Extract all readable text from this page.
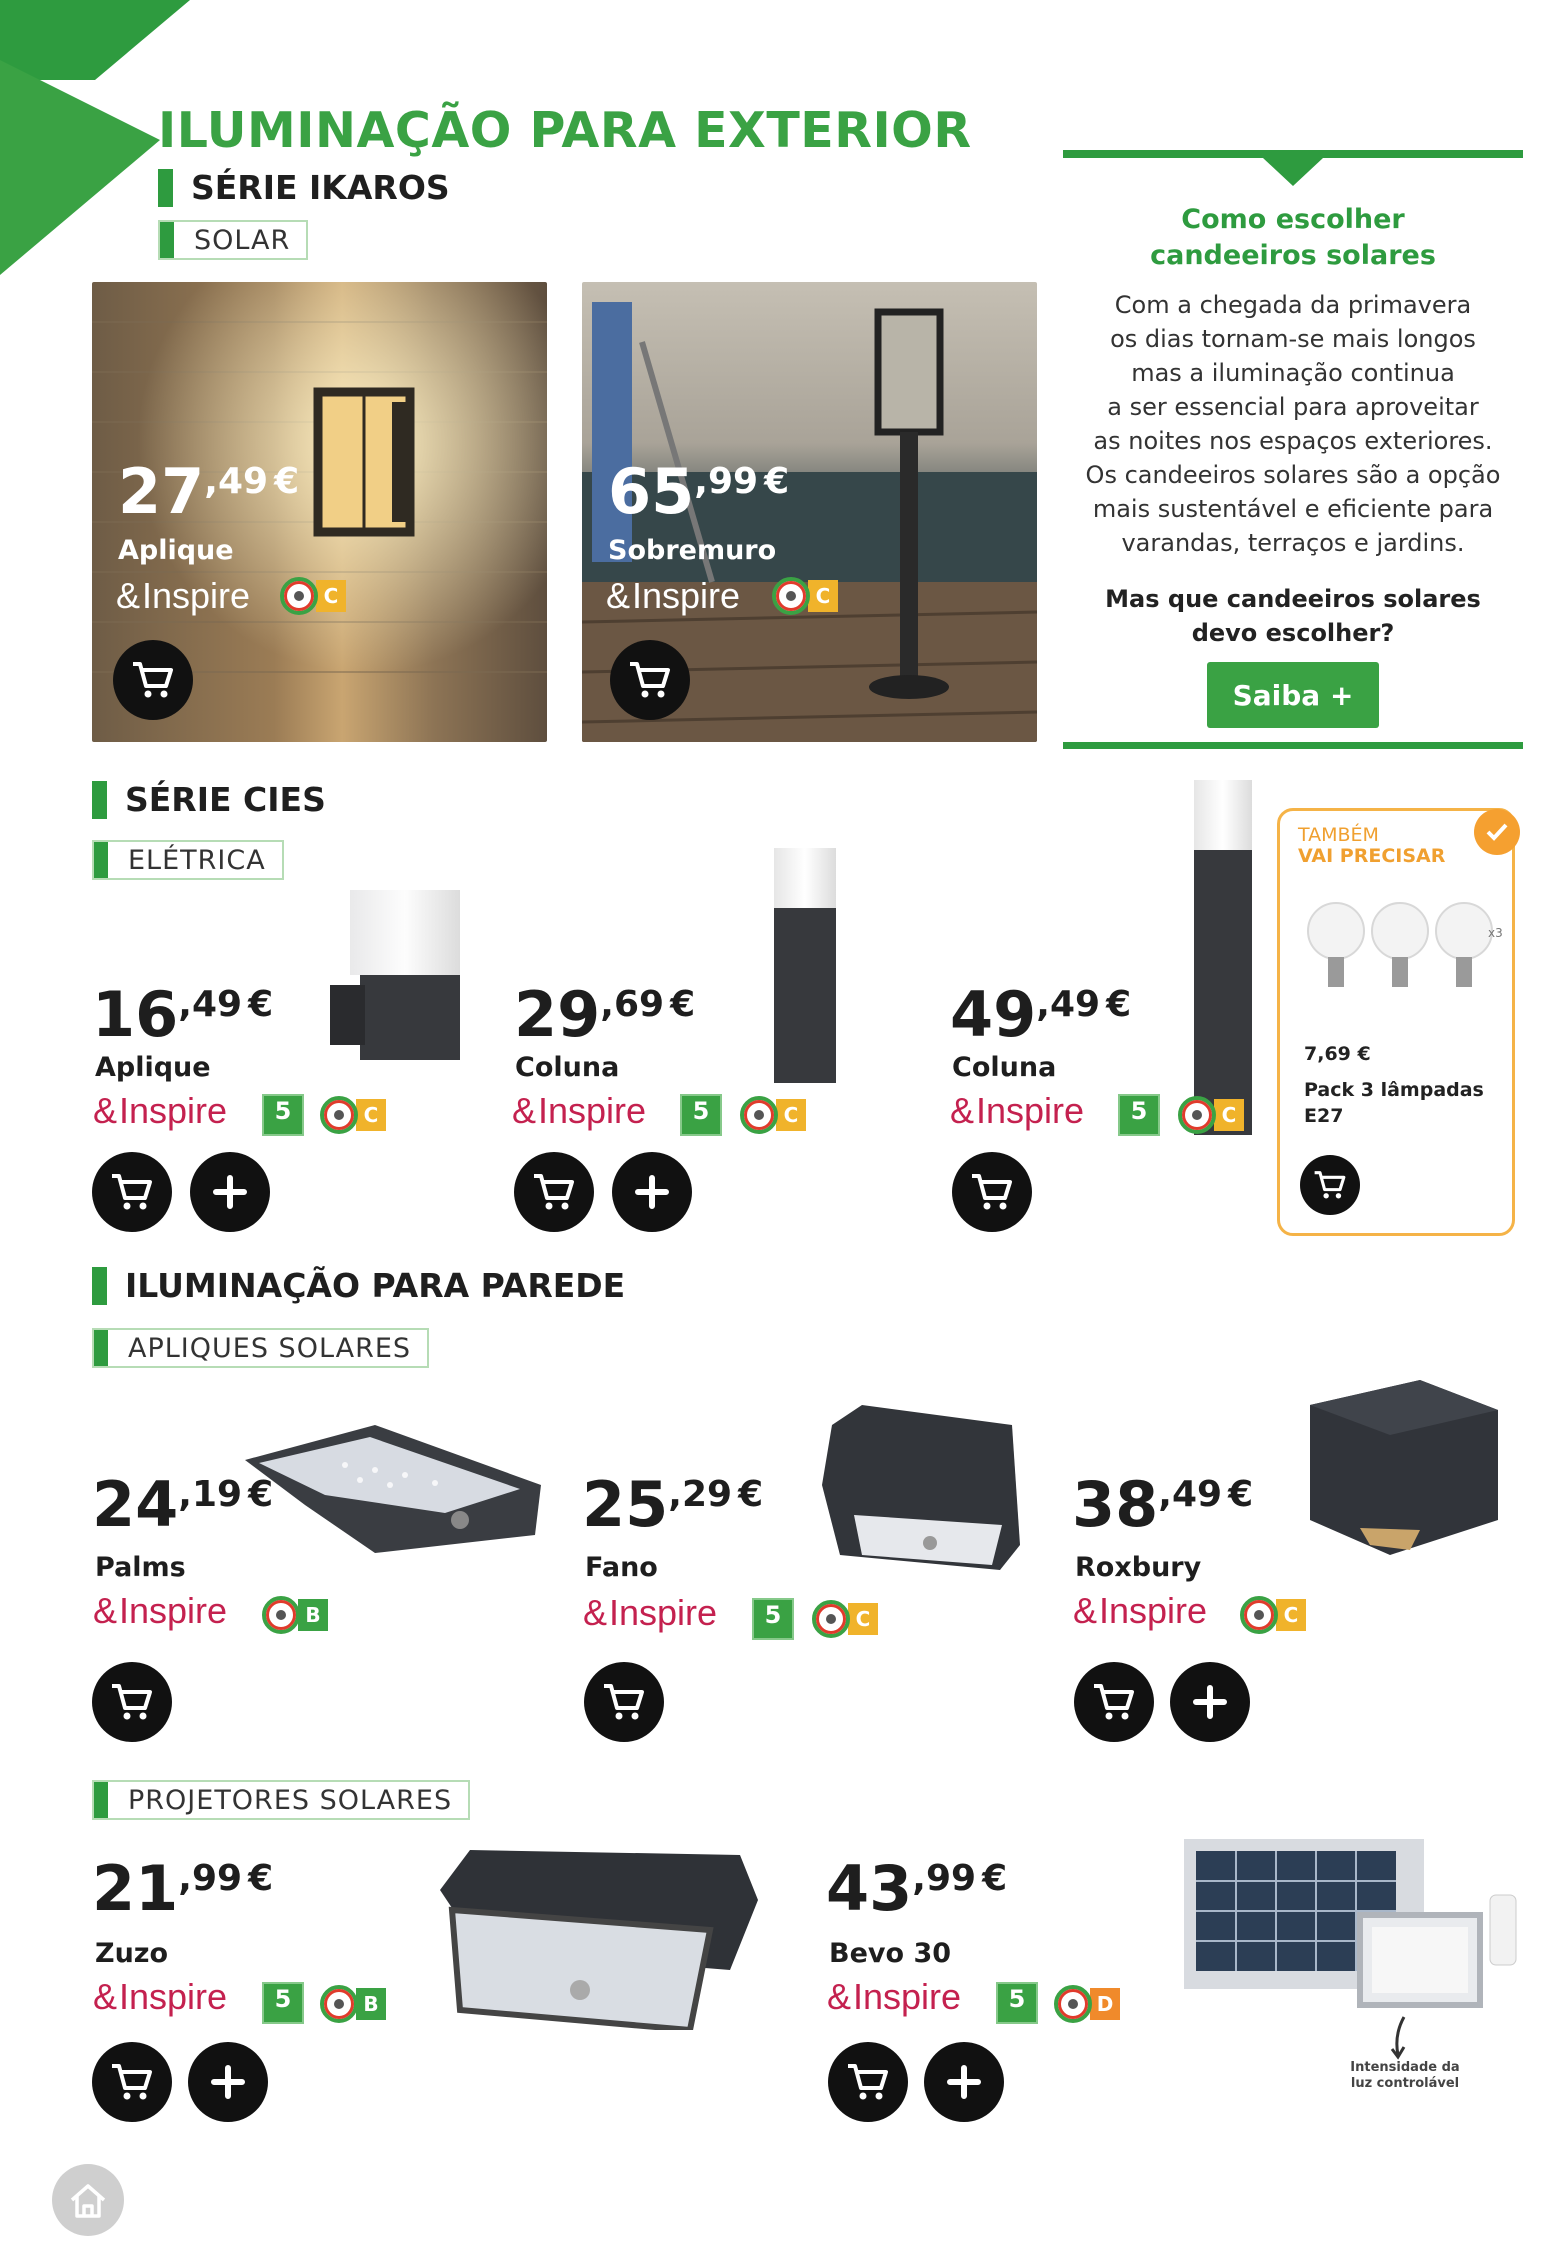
ILUMINAÇÃO PARA EXTERIOR
SÉRIE IKAROS
SOLAR
27,49 €
Aplique
& Inspire	C
65,99 €
Sobremuro
& Inspire	C
Como escolher
candeeiros solares
Com a chegada da primavera
os dias tornam-se mais longos
mas a iluminação continua
a ser essencial para aproveitar
as noites nos espaços exteriores.
Os candeeiros solares são a opção
mais sustentável e eficiente para
varandas, terraços e jardins.
Mas que candeeiros solares
devo escolher?
Saiba +
SÉRIE CIES
ELÉTRICA
16,49 €
Aplique
& Inspire	5	C
29,69 €
Coluna
& Inspire	5	C
49,49 €
Coluna
& Inspire	5	C
TAMBÉM
VAI PRECISAR
x3
7,69 €
Pack 3 lâmpadas
E27
ILUMINAÇÃO PARA PAREDE
APLIQUES SOLARES
24,19 €
Palms
& Inspire	B
25,29 €
Fano
& Inspire	5	C
38,49 €
Roxbury
& Inspire	C
PROJETORES SOLARES
21,99 €
Zuzo
& Inspire	5	B
Intensidade da
luz controlável
43,99 €
Bevo 30
& Inspire	5	D
